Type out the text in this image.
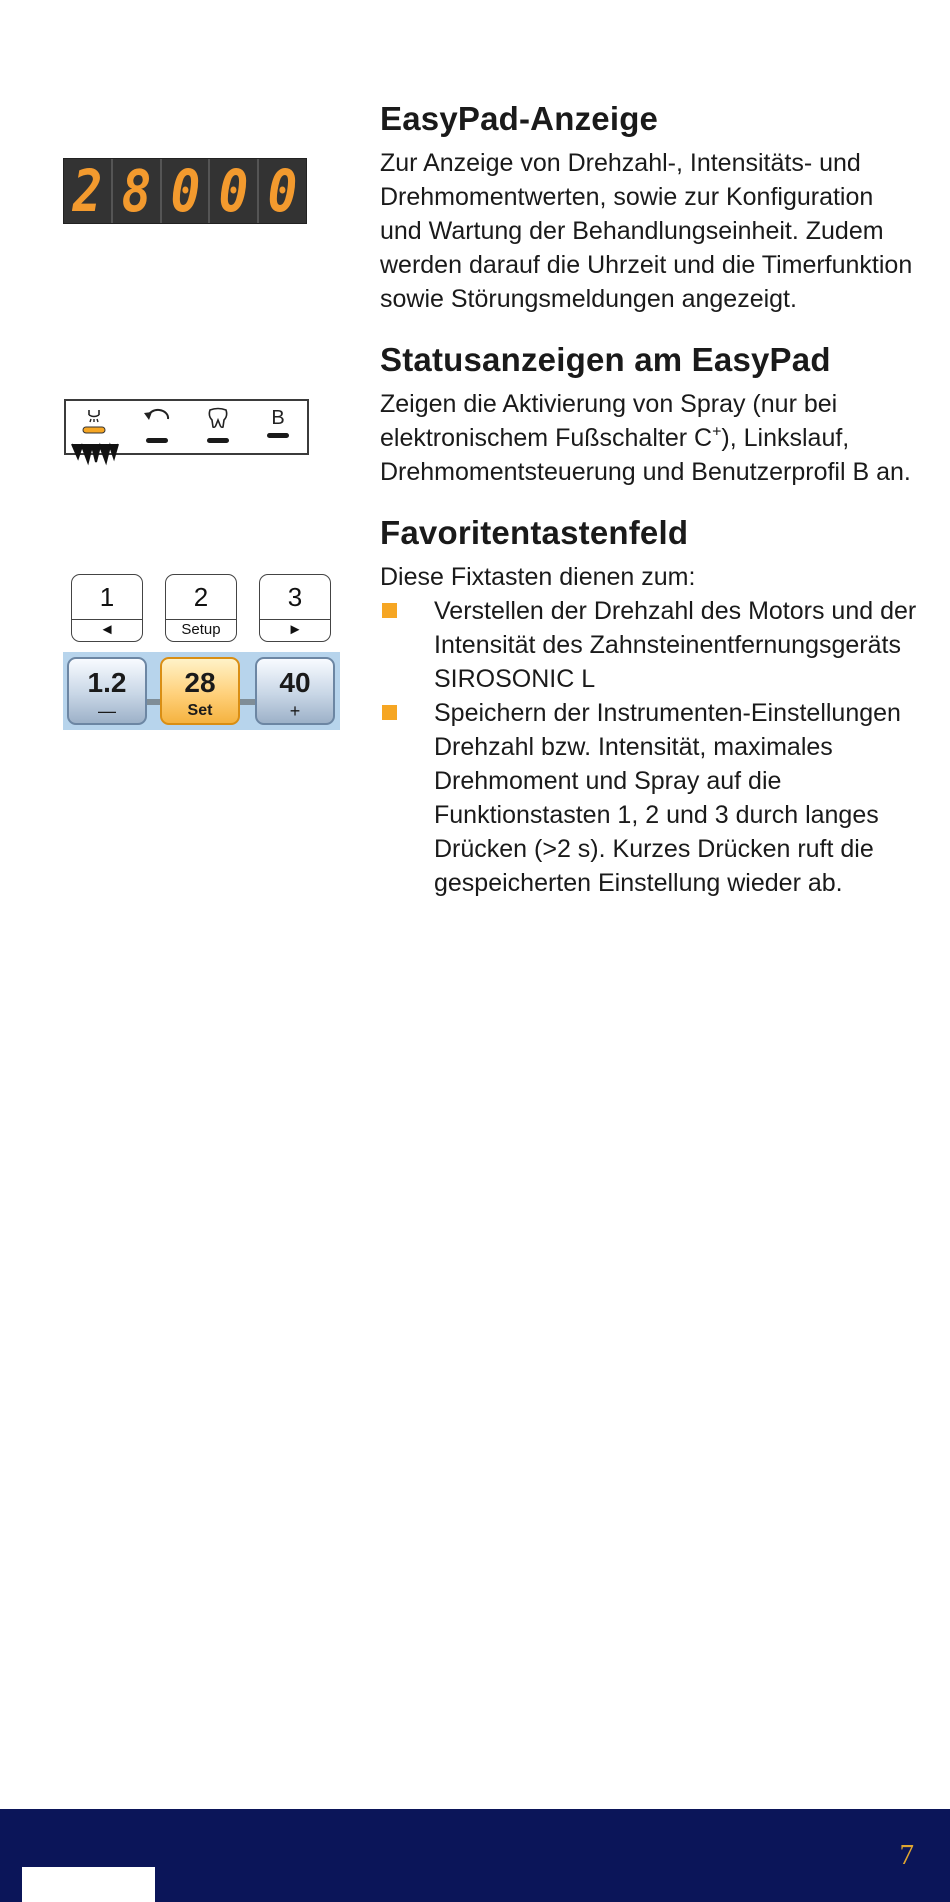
2 8 0 0 0
B
1
◄
2
Setup
3
►
1.2
—
28
Set
40
+
EasyPad-Anzeige

Zur Anzeige von Drehzahl-, Intensitäts- und Drehmomentwerten, sowie zur Konfiguration und Wartung der Behandlungseinheit. Zudem werden darauf die Uhrzeit und die Timerfunktion sowie Störungsmeldungen angezeigt.

Statusanzeigen am EasyPad

Zeigen die Aktivierung von Spray (nur bei elektronischem Fußschalter C+), Linkslauf, Drehmomentsteuerung und Benutzerprofil B an.

Favoritentastenfeld

Diese Fixtasten dienen zum:

Verstellen der Drehzahl des Motors und der Intensität des Zahnsteinentfernungsgeräts SIROSONIC L
Speichern der Instrumenten-Einstellungen Drehzahl bzw. Intensität, maximales Drehmoment und Spray auf die Funktionstasten 1, 2 und 3 durch langes Drücken (>2 s). Kurzes Drücken ruft die gespeicherten Einstellung wieder ab.
7
